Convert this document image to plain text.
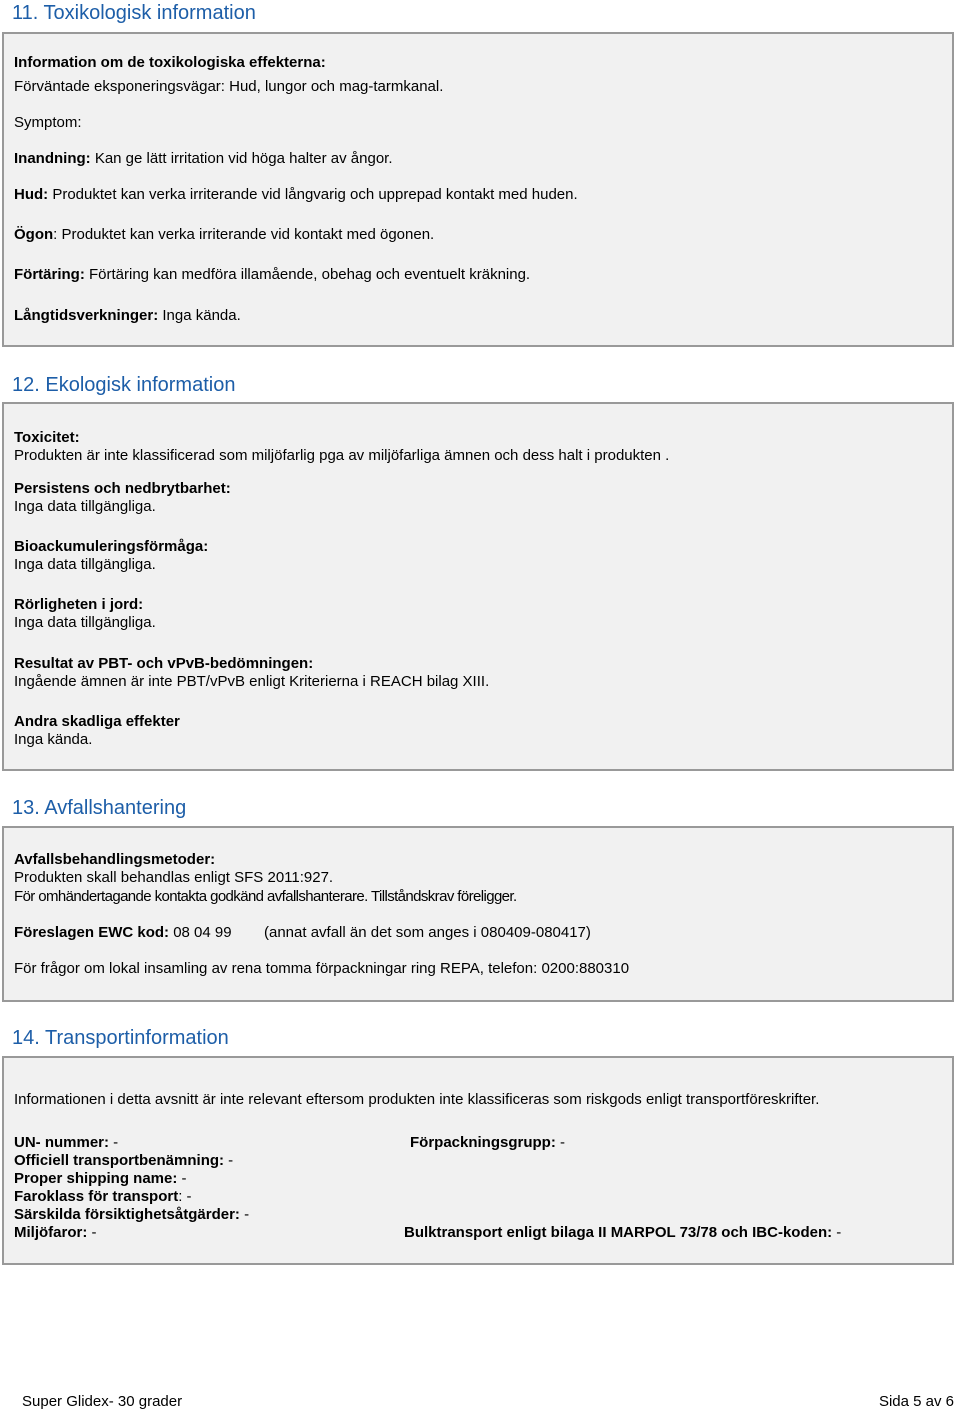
11. Toxikologisk information
Information om de toxikologiska effekterna:
Förväntade eksponeringsvägar: Hud, lungor och mag-tarmkanal.
Symptom:
Inandning: Kan ge lätt irritation vid höga halter av ångor.
Hud: Produktet kan verka irriterande vid långvarig och upprepad kontakt med huden.
Ögon: Produktet kan verka irriterande vid kontakt med ögonen.
Förtäring: Förtäring kan medföra illamående, obehag och eventuelt kräkning.
Långtidsverkninger: Inga kända.
12. Ekologisk information
Toxicitet:
Produkten är inte klassificerad som miljöfarlig pga av miljöfarliga ämnen och dess halt i produkten .
Persistens och nedbrytbarhet:
Inga data tillgängliga.
Bioackumuleringsförmåga:
Inga data tillgängliga.
Rörligheten i jord:
Inga data tillgängliga.
Resultat av PBT- och vPvB-bedömningen:
Ingående ämnen är inte PBT/vPvB enligt Kriterierna i REACH bilag XIII.
Andra skadliga effekter
Inga kända.
13. Avfallshantering
Avfallsbehandlingsmetoder:
Produkten skall behandlas enligt SFS 2011:927.
För omhändertagande kontakta godkänd avfallshanterare. Tillståndskrav föreligger.
Föreslagen EWC kod: 08 04 99 (annat avfall än det som anges i 080409-080417)
För frågor om lokal insamling av rena tomma förpackningar ring REPA, telefon: 0200:880310
14. Transportinformation
Informationen i detta avsnitt är inte relevant eftersom produkten inte klassificeras som riskgods enligt transportföreskrifter.
UN- nummer: -	Förpackningsgrupp: -
Officiell transportbenämning: -
Proper shipping name: -
Faroklass för transport: -
Särskilda försiktighetsåtgärder: -
Miljöfaror: -	Bulktransport enligt bilaga II MARPOL 73/78 och IBC-koden: -
Super Glidex- 30 grader	Sida 5 av 6
